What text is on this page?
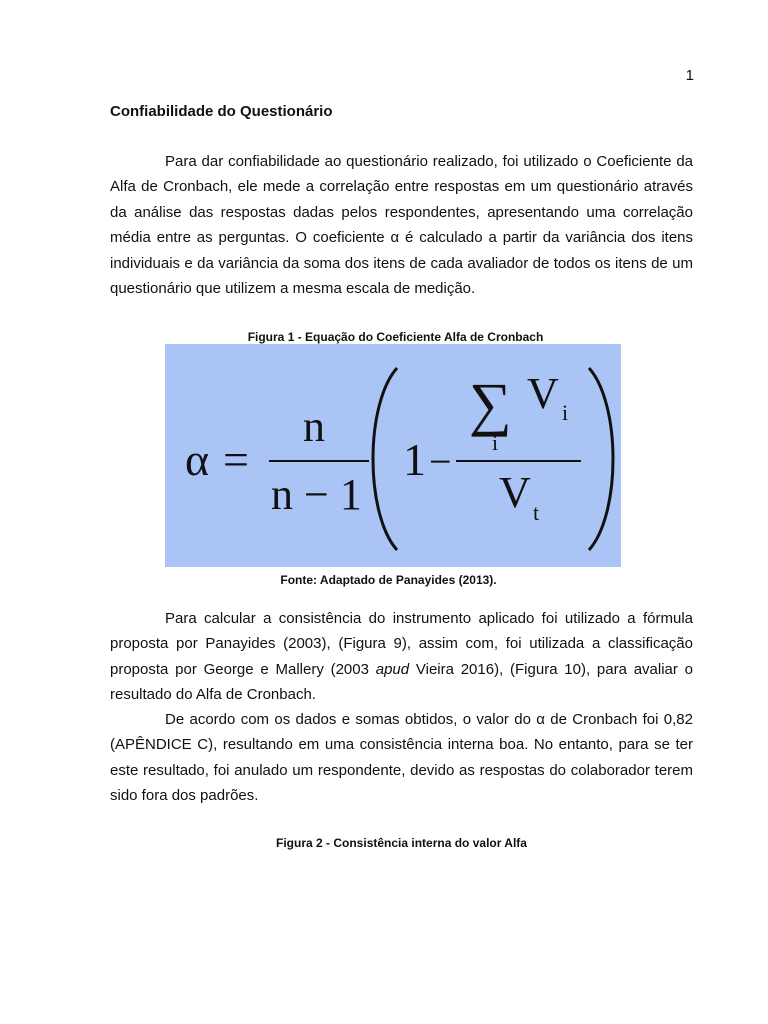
1
Confiabilidade do Questionário

Para dar confiabilidade ao questionário realizado, foi utilizado o Coeficiente da Alfa de Cronbach, ele mede a correlação entre respostas em um questionário através da análise das respostas dadas pelos respondentes, apresentando uma correlação média entre as perguntas. O coeficiente α é calculado a partir da variância dos itens individuais e da variância da soma dos itens de cada avaliador de todos os itens de um questionário que utilizem a mesma escala de medição.

Figura 1 - Equação do Coeficiente Alfa de Cronbach
α =
n
n − 1
1 −
∑
i
V i
V t
Fonte: Adaptado de Panayides (2013).

Para calcular a consistência do instrumento aplicado foi utilizado a fórmula proposta por Panayides (2003), (Figura 9), assim com, foi utilizada a classificação proposta por George e Mallery (2003 apud Vieira 2016), (Figura 10), para avaliar o resultado do Alfa de Cronbach.

De acordo com os dados e somas obtidos, o valor do α de Cronbach foi 0,82 (APÊNDICE C), resultando em uma consistência interna boa. No entanto, para se ter este resultado, foi anulado um respondente, devido as respostas do colaborador terem sido fora dos padrões.

Figura 2 - Consistência interna do valor Alfa
